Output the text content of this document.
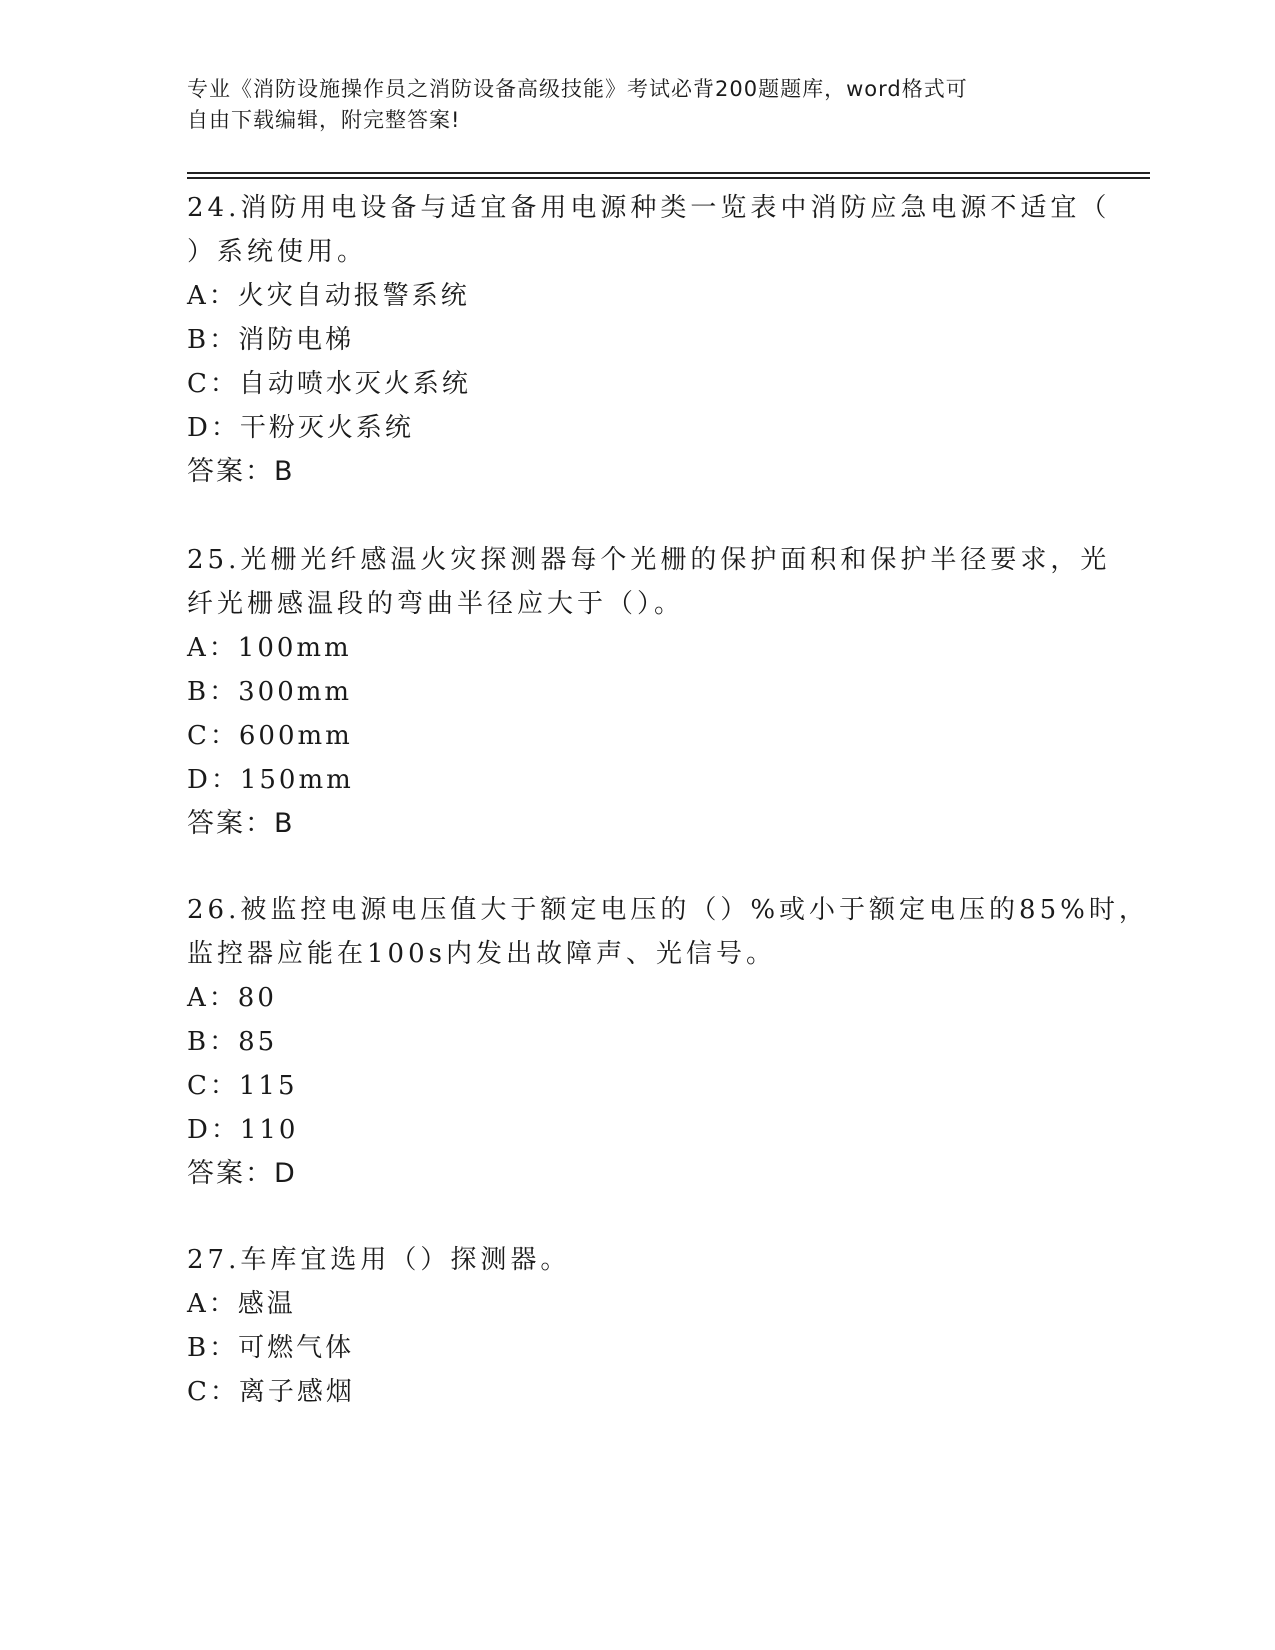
专业《消防设施操作员之消防设备高级技能》考试必背200题题库，word格式可
自由下载编辑，附完整答案!
24.消防用电设备与适宜备用电源种类一览表中消防应急电源不适宜（
）系统使用。
A：火灾自动报警系统
B：消防电梯
C：自动喷水灭火系统
D：干粉灭火系统
答案：B
25.光栅光纤感温火灾探测器每个光栅的保护面积和保护半径要求，光
纤光栅感温段的弯曲半径应大于（）。
A：100mm
B：300mm
C：600mm
D：150mm
答案：B
26.被监控电源电压值大于额定电压的（）%或小于额定电压的85%时，
监控器应能在100s内发出故障声、光信号。
A：80
B：85
C：115
D：110
答案：D
27.车库宜选用（）探测器。
A：感温
B：可燃气体
C：离子感烟
